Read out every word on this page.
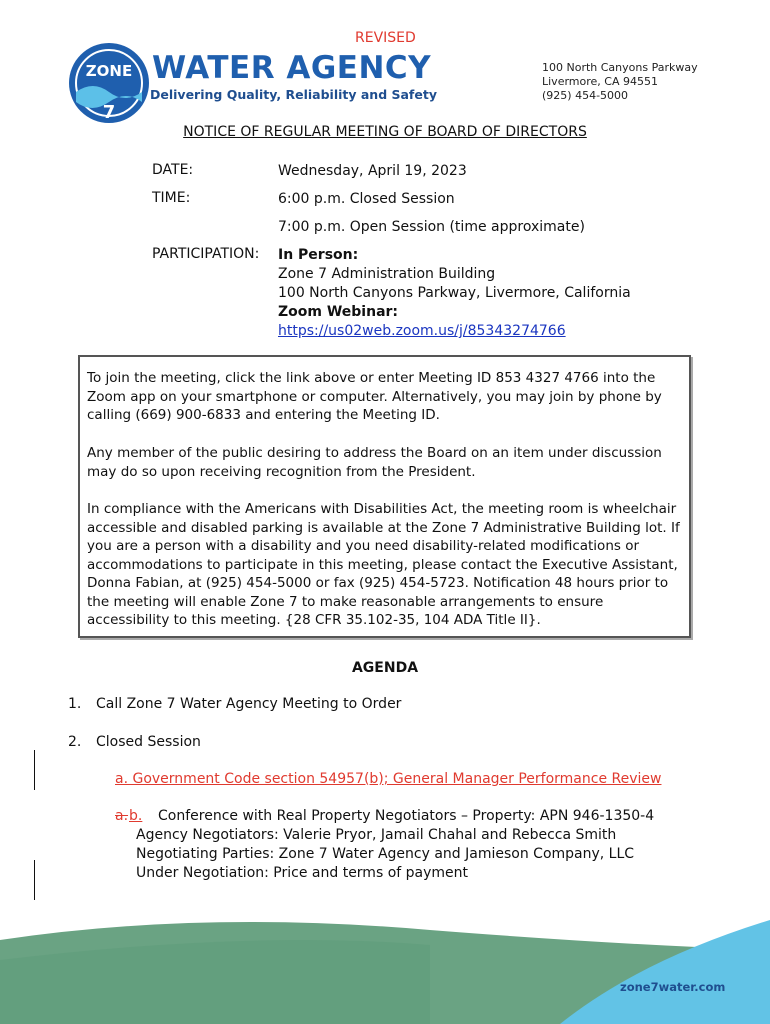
REVISED
ZONE
7
WATER AGENCY
Delivering Quality, Reliability and Safety
100 North Canyons Parkway
Livermore, CA 94551
(925) 454-5000
NOTICE OF REGULAR MEETING OF BOARD OF DIRECTORS
DATE:	Wednesday, April 19, 2023
TIME:	6:00 p.m. Closed Session
7:00 p.m. Open Session (time approximate)
PARTICIPATION: In Person:
Zone 7 Administration Building
100 North Canyons Parkway, Livermore, California
Zoom Webinar:
https://us02web.zoom.us/j/85343274766

To join the meeting, click the link above or enter Meeting ID 853 4327 4766 into the Zoom app on your smartphone or computer. Alternatively, you may join by phone by calling (669) 900-6833 and entering the Meeting ID.

Any member of the public desiring to address the Board on an item under discussion may do so upon receiving recognition from the President.

In compliance with the Americans with Disabilities Act, the meeting room is wheelchair accessible and disabled parking is available at the Zone 7 Administrative Building lot. If you are a person with a disability and you need disability-related modifications or accommodations to participate in this meeting, please contact the Executive Assistant, Donna Fabian, at (925) 454-5000 or fax (925) 454-5723. Notification 48 hours prior to the meeting will enable Zone 7 to make reasonable arrangements to ensure accessibility to this meeting. {28 CFR 35.102-35, 104 ADA Title II}.

AGENDA
1. Call Zone 7 Water Agency Meeting to Order
2. Closed Session
a. Government Code section 54957(b); General Manager Performance Review
a. b.	Conference with Real Property Negotiators – Property: APN 946-1350-4
Agency Negotiators: Valerie Pryor, Jamail Chahal and Rebecca Smith
Negotiating Parties: Zone 7 Water Agency and Jamieson Company, LLC
Under Negotiation: Price and terms of payment
zone7water.com
